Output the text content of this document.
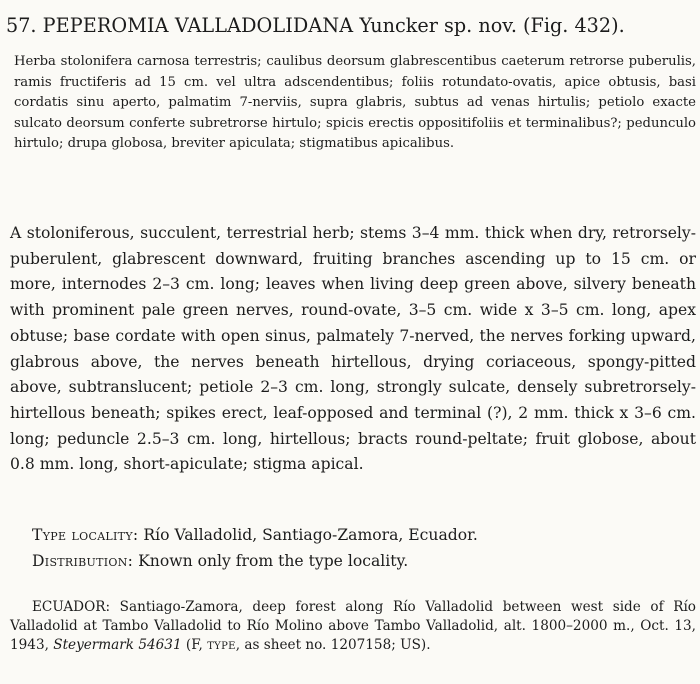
57. PEPEROMIA VALLADOLIDANA Yuncker sp. nov. (Fig. 432).
Herba stolonifera carnosa terrestris; caulibus deorsum glabrescentibus caeterum retrorse puberulis, ramis fructiferis ad 15 cm. vel ultra adscendentibus; foliis rotundato-ovatis, apice obtusis, basi cordatis sinu aperto, palmatim 7-nerviis, supra glabris, subtus ad venas hirtulis; petiolo exacte sulcato deorsum conferte subretrorse hirtulo; spicis erectis oppositifoliis et terminalibus?; pedunculo hirtulo; drupa globosa, breviter apiculata; stigmatibus apicalibus.
A stoloniferous, succulent, terrestrial herb; stems 3–4 mm. thick when dry, retrorsely-puberulent, glabrescent downward, fruiting branches ascending up to 15 cm. or more, internodes 2–3 cm. long; leaves when living deep green above, silvery beneath with prominent pale green nerves, round-ovate, 3–5 cm. wide x 3–5 cm. long, apex obtuse; base cordate with open sinus, palmately 7-nerved, the nerves forking upward, glabrous above, the nerves beneath hirtellous, drying coriaceous, spongy-pitted above, subtranslucent; petiole 2–3 cm. long, strongly sulcate, densely subretrorsely-hirtellous beneath; spikes erect, leaf-opposed and terminal (?), 2 mm. thick x 3–6 cm. long; peduncle 2.5–3 cm. long, hirtellous; bracts round-peltate; fruit globose, about 0.8 mm. long, short-apiculate; stigma apical.
Type locality: Río Valladolid, Santiago-Zamora, Ecuador.
Distribution: Known only from the type locality.
ECUADOR: Santiago-Zamora, deep forest along Río Valladolid between west side of Río Valladolid at Tambo Valladolid to Río Molino above Tambo Valladolid, alt. 1800–2000 m., Oct. 13, 1943, Steyermark 54631 (F, type, as sheet no. 1207158; US).
